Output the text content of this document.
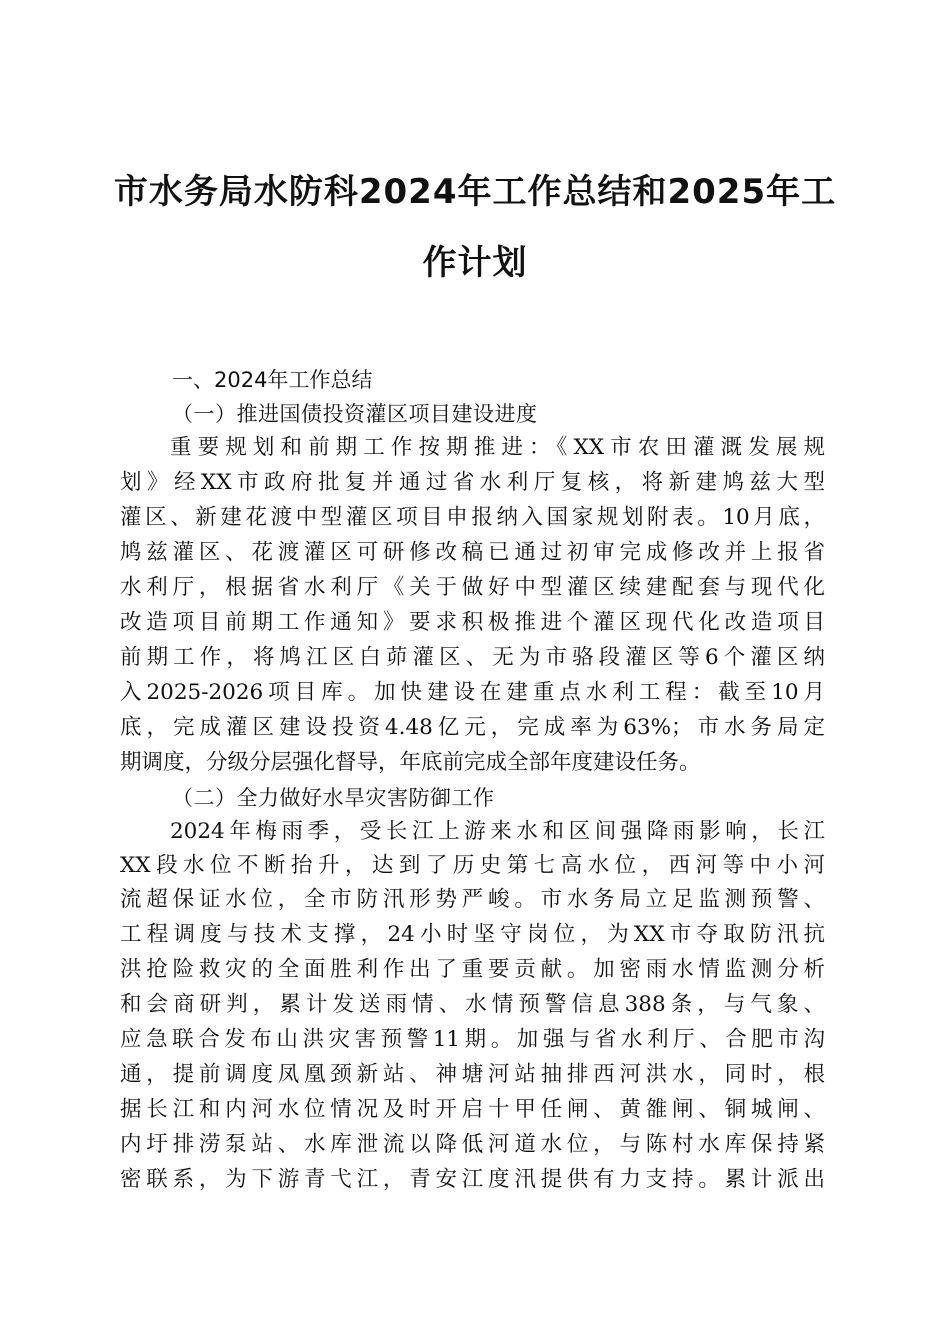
市水务局水防科2024年工作总结和2025年工
作计划
一、2024年工作总结
（一）推进国债投资灌区项目建设进度
重要规划和前期工作按期推进：《XX市农田灌溉发展规
划》经XX市政府批复并通过省水利厅复核，将新建鸠兹大型
灌区、新建花渡中型灌区项目申报纳入国家规划附表。10月底，
鸠兹灌区、花渡灌区可研修改稿已通过初审完成修改并上报省
水利厅，根据省水利厅《关于做好中型灌区续建配套与现代化
改造项目前期工作通知》要求积极推进个灌区现代化改造项目
前期工作，将鸠江区白茆灌区、无为市骆段灌区等6个灌区纳
入2025-2026项目库。加快建设在建重点水利工程：截至10月
底，完成灌区建设投资4.48亿元，完成率为63%；市水务局定
期调度，分级分层强化督导，年底前完成全部年度建设任务。
（二）全力做好水旱灾害防御工作
2024年梅雨季，受长江上游来水和区间强降雨影响，长江
XX段水位不断抬升，达到了历史第七高水位，西河等中小河
流超保证水位，全市防汛形势严峻。市水务局立足监测预警、
工程调度与技术支撑，24小时坚守岗位，为XX市夺取防汛抗
洪抢险救灾的全面胜利作出了重要贡献。加密雨水情监测分析
和会商研判，累计发送雨情、水情预警信息388条，与气象、
应急联合发布山洪灾害预警11期。加强与省水利厅、合肥市沟
通，提前调度凤凰颈新站、神塘河站抽排西河洪水，同时，根
据长江和内河水位情况及时开启十甲任闸、黄雒闸、铜城闸、
内圩排涝泵站、水库泄流以降低河道水位，与陈村水库保持紧
密联系，为下游青弋江，青安江度汛提供有力支持。累计派出
